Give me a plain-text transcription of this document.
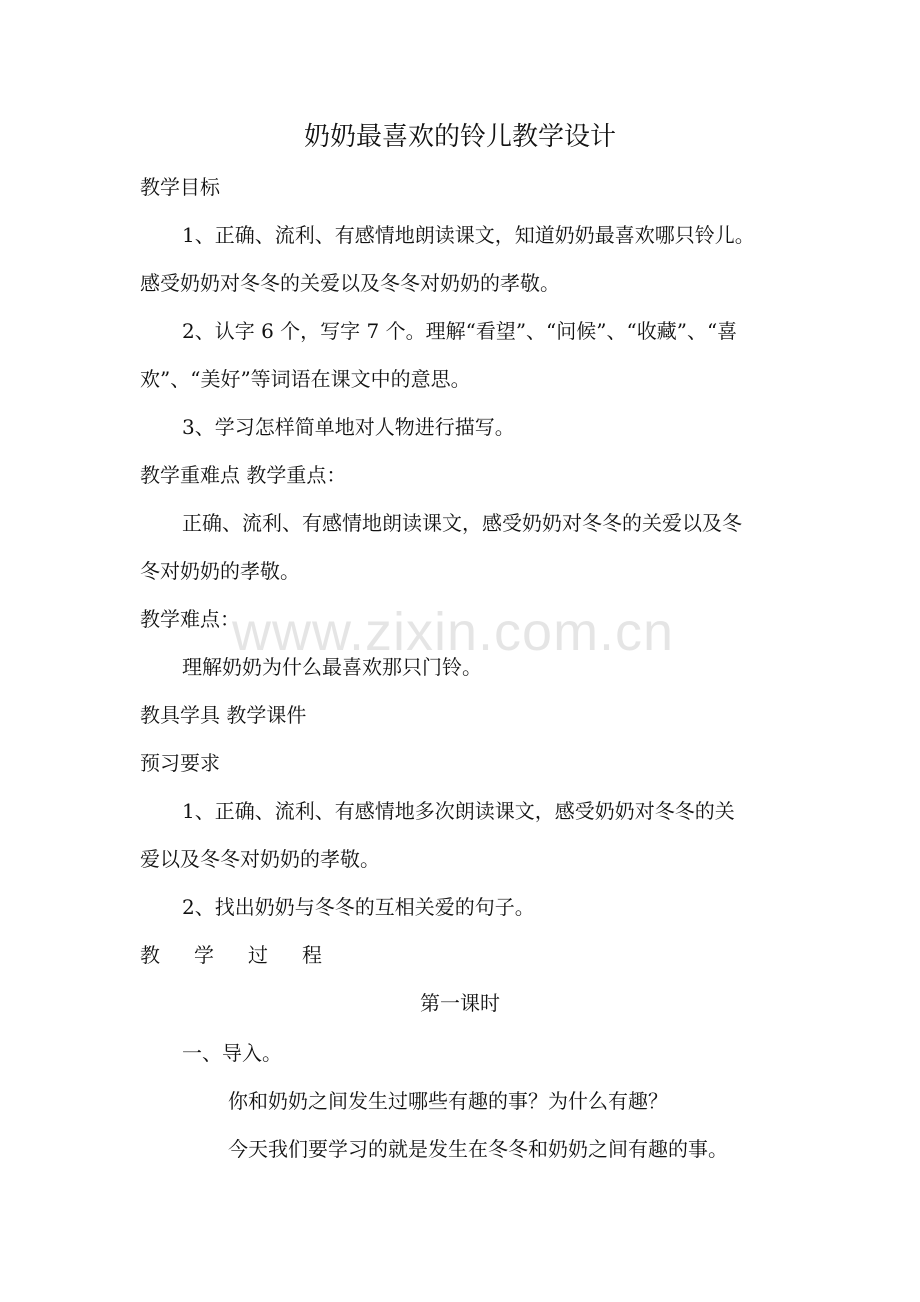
奶奶最喜欢的铃儿教学设计
教学目标
1、正确、流利、有感情地朗读课文，知道奶奶最喜欢哪只铃儿。
感受奶奶对冬冬的关爱以及冬冬对奶奶的孝敬。
2、认字 6 个，写字 7 个。理解“看望”、“问候”、“收藏”、“喜
欢”、“美好”等词语在课文中的意思。
3、学习怎样简单地对人物进行描写。
教学重难点 教学重点：
正确、流利、有感情地朗读课文，感受奶奶对冬冬的关爱以及冬
冬对奶奶的孝敬。
教学难点：
理解奶奶为什么最喜欢那只门铃。
教具学具 教学课件
预习要求
1、正确、流利、有感情地多次朗读课文，感受奶奶对冬冬的关
爱以及冬冬对奶奶的孝敬。
2、找出奶奶与冬冬的互相关爱的句子。
教学过程
第一课时
一、导入。
你和奶奶之间发生过哪些有趣的事？为什么有趣？
今天我们要学习的就是发生在冬冬和奶奶之间有趣的事。
www.zixin.com.cn
